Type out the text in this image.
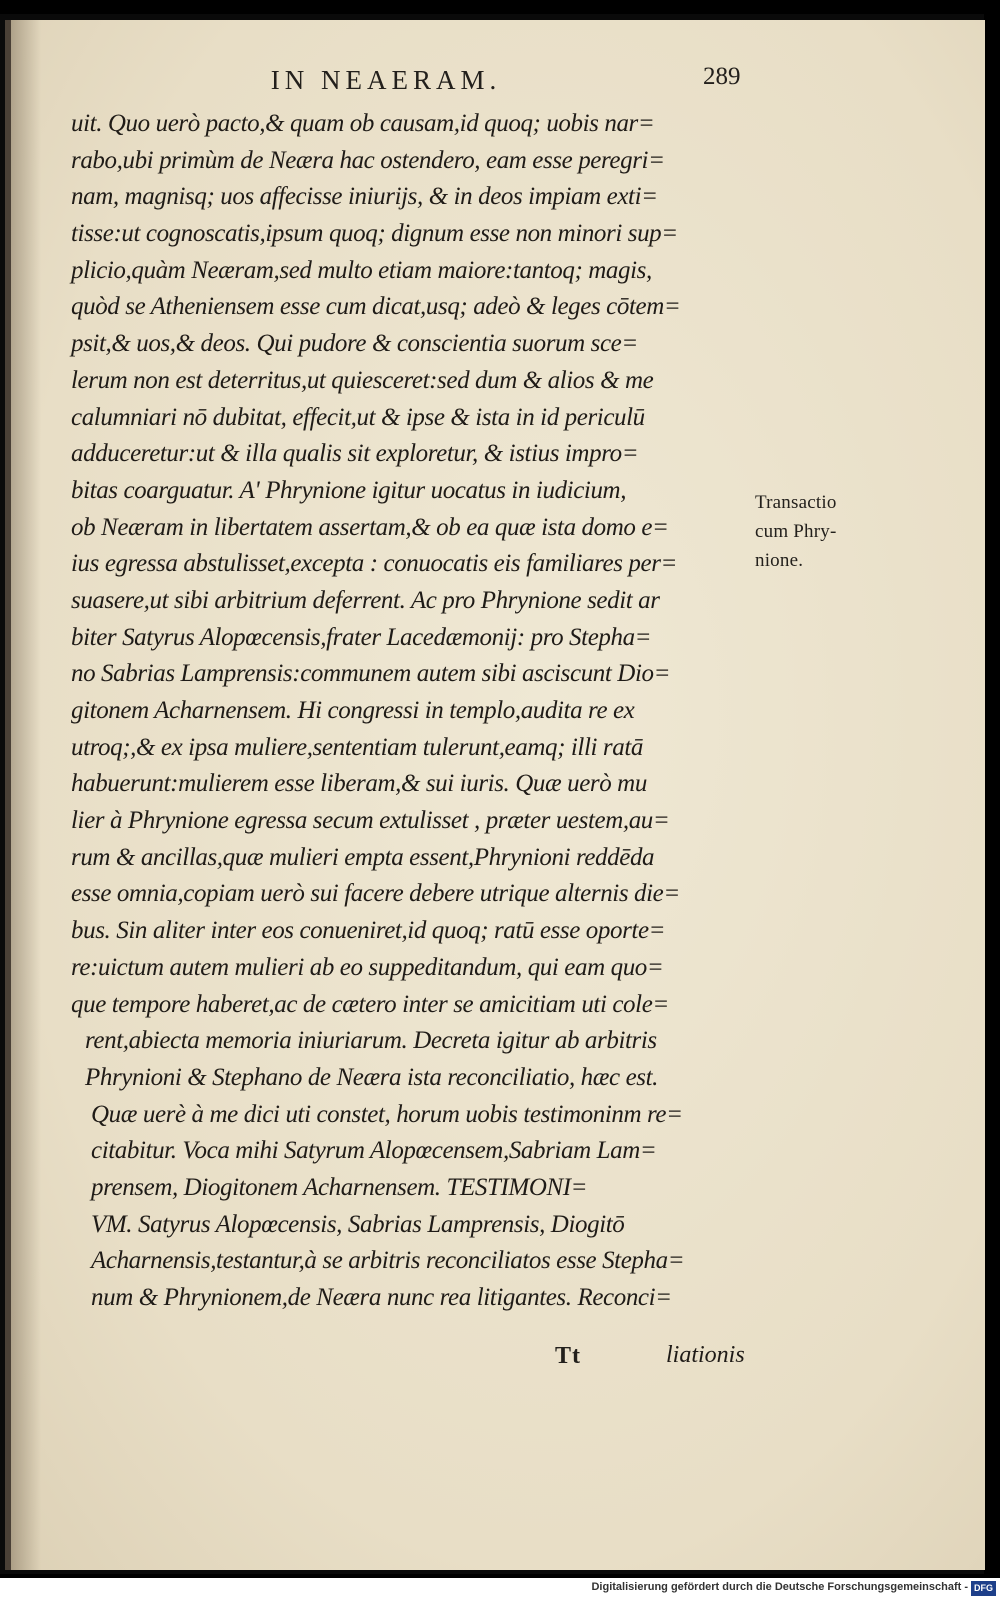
IN NEAERAM.	289
uit. Quo uerò pacto,& quam ob causam,id quoq; uobis nar=
rabo,ubi primùm de Neæra hac ostendero, eam esse peregri=
nam, magnisq; uos affecisse iniurijs, & in deos impiam exti=
tisse:ut cognoscatis,ipsum quoq; dignum esse non minori sup=
plicio,quàm Neæram,sed multo etiam maiore:tantoq; magis,
quòd se Atheniensem esse cum dicat,usq; adeò & leges cōtem=
psit,& uos,& deos. Qui pudore & conscientia suorum sce=
lerum non est deterritus,ut quiesceret:sed dum & alios & me
calumniari nō dubitat, effecit,ut & ipse & ista in id periculū
adduceretur:ut & illa qualis sit exploretur, & istius impro=
bitas coarguatur. A' Phrynione igitur uocatus in iudicium,
ob Neæram in libertatem assertam,& ob ea quæ ista domo e=
ius egressa abstulisset,excepta : conuocatis eis familiares per=
suasere,ut sibi arbitrium deferrent. Ac pro Phrynione sedit ar
biter Satyrus Alopœcensis,frater Lacedæmonij: pro Stepha=
no Sabrias Lamprensis:communem autem sibi asciscunt Dio=
gitonem Acharnensem. Hi congressi in templo,audita re ex
utroq;,& ex ipsa muliere,sententiam tulerunt,eamq; illi ratā
habuerunt:mulierem esse liberam,& sui iuris. Quæ uerò mu
lier à Phrynione egressa secum extulisset , præter uestem,au=
rum & ancillas,quæ mulieri empta essent,Phrynioni reddēda
esse omnia,copiam uerò sui facere debere utrique alternis die=
bus. Sin aliter inter eos conueniret,id quoq; ratū esse oporte=
re:uictum autem mulieri ab eo suppeditandum, qui eam quo=
que tempore haberet,ac de cætero inter se amicitiam uti cole=
rent,abiecta memoria iniuriarum. Decreta igitur ab arbitris
Phrynioni & Stephano de Neæra ista reconciliatio, hæc est.
Quæ uerè à me dici uti constet, horum uobis testimoninm re=
citabitur. Voca mihi Satyrum Alopœcensem,Sabriam Lam=
prensem, Diogitonem Acharnensem. TESTIMONI=
VM. Satyrus Alopœcensis, Sabrias Lamprensis, Diogitō
Acharnensis,testantur,à se arbitris reconciliatos esse Stepha=
num & Phrynionem,de Neæra nunc rea litigantes. Reconci=
Transactio
cum Phry-
nione.
Tt	liationis
Digitalisierung gefördert durch die Deutsche Forschungsgemeinschaft - DFG
